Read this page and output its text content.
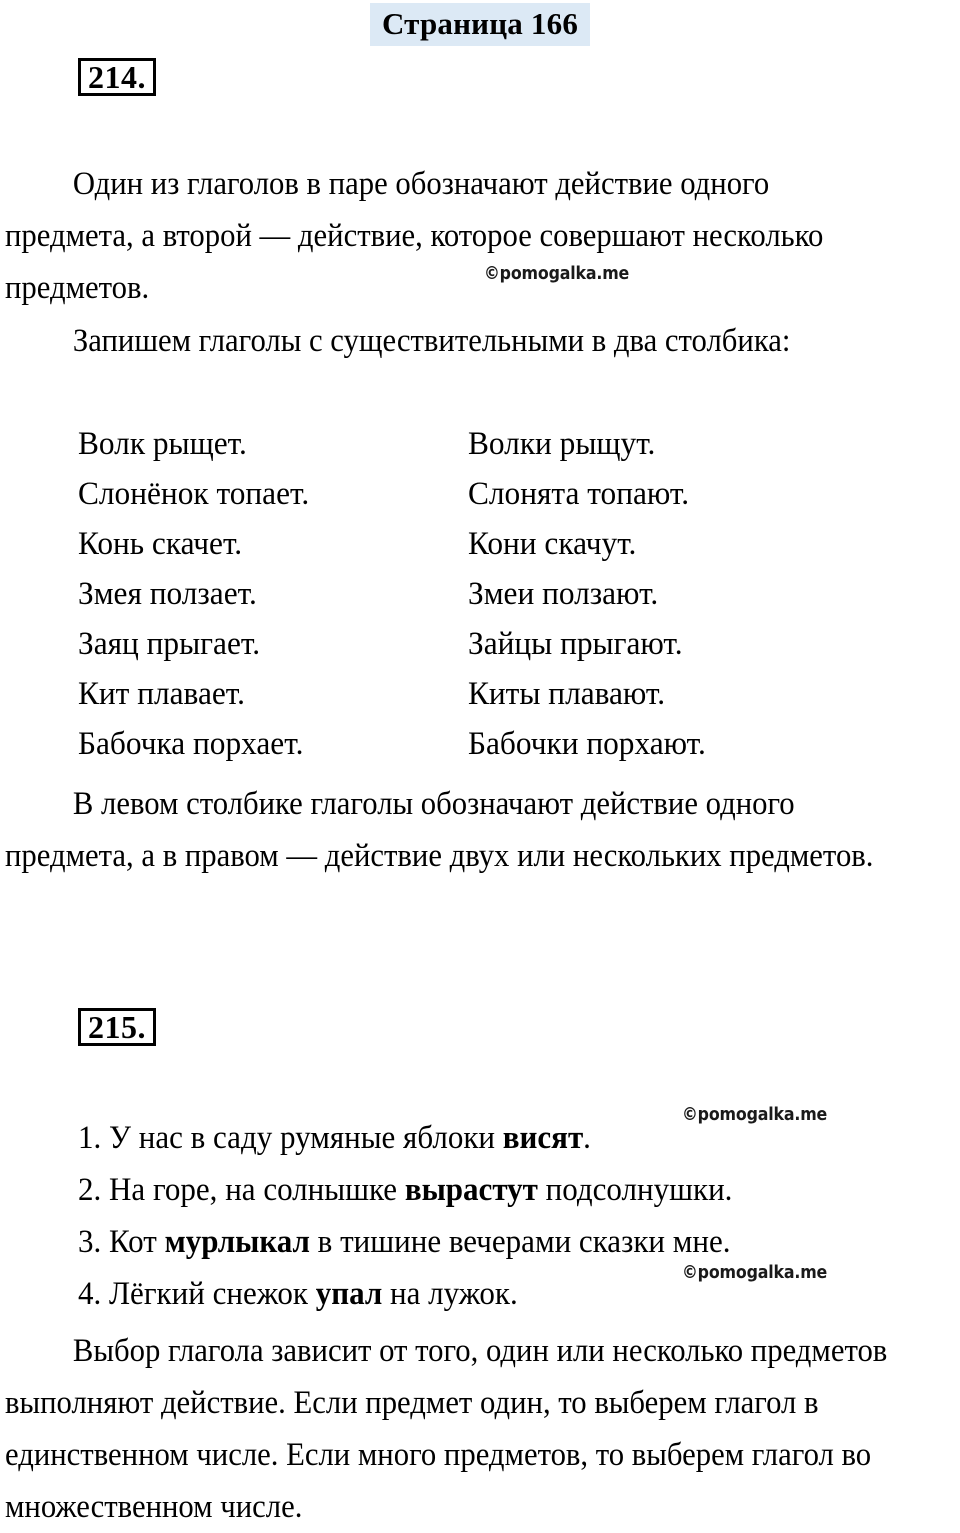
Страница 166
214.
Один из глаголов в паре обозначают действие одного предмета, а второй — действие, которое совершают несколько предметов.
Запишем глаголы с существительными в два столбика:
Волк рыщет.	Волки рыщут.
Слонёнок топает.	Слонята топают.
Конь скачет.	Кони скачут.
Змея ползает.	Змеи ползают.
Заяц прыгает.	Зайцы прыгают.
Кит плавает.	Киты плавают.
Бабочка порхает.	Бабочки порхают.
В левом столбике глаголы обозначают действие одного предмета, а в правом — действие двух или нескольких предметов.
215.
1. У нас в саду румяные яблоки висят.
2. На горе, на солнышке вырастут подсолнушки.
3. Кот мурлыкал в тишине вечерами сказки мне.
4. Лёгкий снежок упал на лужок.
Выбор глагола зависит от того, один или несколько предметов выполняют действие. Если предмет один, то выберем глагол в единственном числе. Если много предметов, то выберем глагол во множественном числе.
©pomogalka.me
©pomogalka.me
©pomogalka.me
